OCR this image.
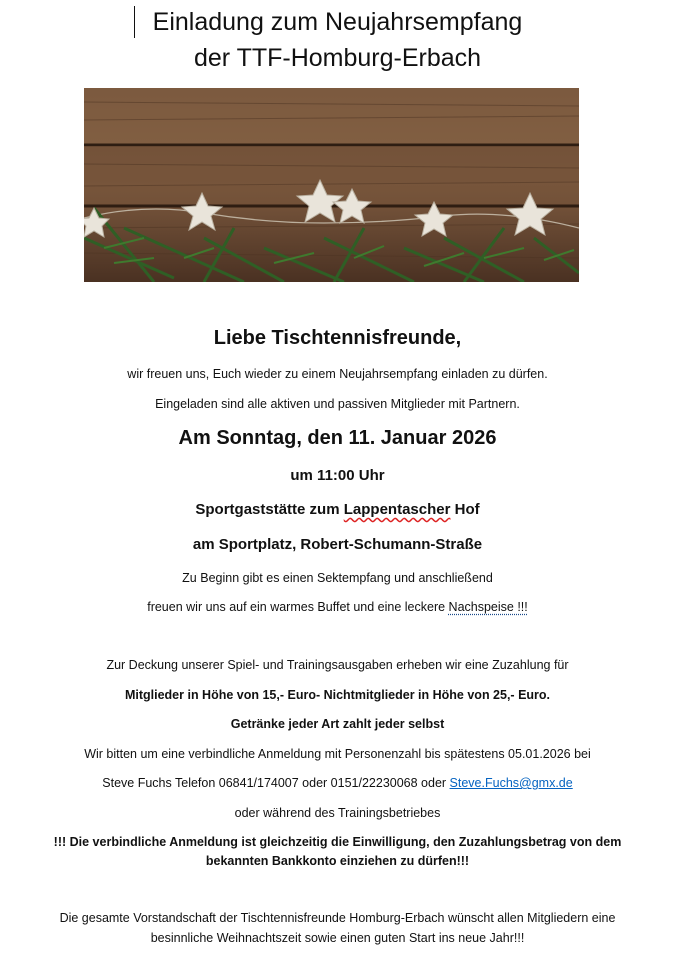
Einladung zum Neujahrsempfang
der TTF-Homburg-Erbach
Liebe Tischtennisfreunde,
wir freuen uns, Euch wieder zu einem Neujahrsempfang einladen zu dürfen.
Eingeladen sind alle aktiven und passiven Mitglieder mit Partnern.
Am Sonntag, den 11. Januar 2026
um 11:00 Uhr
Sportgaststätte zum Lappentascher Hof
am Sportplatz, Robert-Schumann-Straße
Zu Beginn gibt es einen Sektempfang und anschließend
freuen wir uns auf ein warmes Buffet und eine leckere Nachspeise !!!
Zur Deckung unserer Spiel- und Trainingsausgaben erheben wir eine Zuzahlung für
Mitglieder in Höhe von 15,- Euro- Nichtmitglieder in Höhe von 25,- Euro.
Getränke jeder Art zahlt jeder selbst
Wir bitten um eine verbindliche Anmeldung mit Personenzahl bis spätestens 05.01.2026 bei
Steve Fuchs Telefon 06841/174007 oder 0151/22230068 oder Steve.Fuchs@gmx.de
oder während des Trainingsbetriebes
!!! Die verbindliche Anmeldung ist gleichzeitig die Einwilligung, den Zuzahlungsbetrag von dem
bekannten Bankkonto einziehen zu dürfen!!!
Die gesamte Vorstandschaft der Tischtennisfreunde Homburg-Erbach wünscht allen Mitgliedern eine
besinnliche Weihnachtszeit sowie einen guten Start ins neue Jahr!!!
